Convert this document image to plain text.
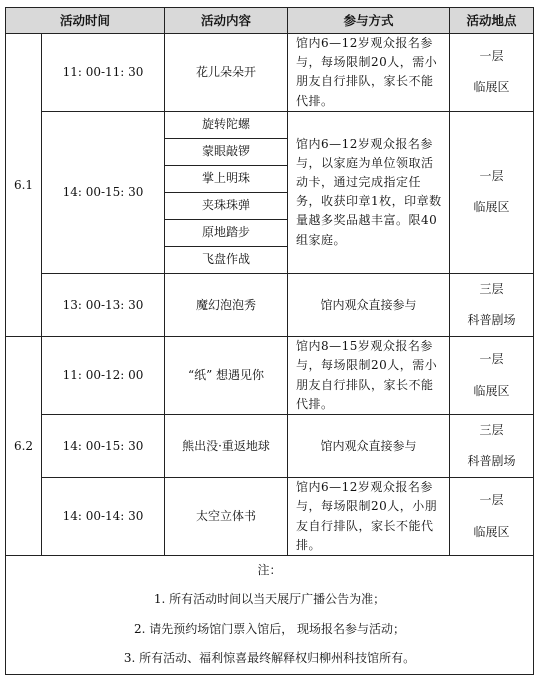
活动时间		活动内容	参与方式	活动地点
6.1	11: 00-11: 30	花儿朵朵开	馆内6—12岁观众报名参与，每场限制20人，需小朋友自行排队，家长不能代排。	一层
临展区

	14: 00-15: 30	旋转陀螺	馆内6—12岁观众报名参与，以家庭为单位领取活动卡，通过完成指定任务，收获印章1枚，印章数量越多奖品越丰富。限40组家庭。	一层
临展区

		蒙眼敲锣		
		掌上明珠		
		夹珠珠弹		
		原地踏步		
		飞盘作战		
	13: 00-13: 30	魔幻泡泡秀	馆内观众直接参与	三层
科普剧场

6.2	11: 00-12: 00	“纸” 想遇见你	馆内8—15岁观众报名参与，每场限制20人，需小朋友自行排队，家长不能代排。	一层
临展区

	14: 00-15: 30	熊出没·重返地球	馆内观众直接参与	三层
科普剧场

	14: 00-14: 30	太空立体书	馆内6—12岁观众报名参与，每场限制20人，小朋友自行排队，家长不能代排。	一层
临展区

注：
1. 所有活动时间以当天展厅广播公告为准；
2. 请先预约场馆门票入馆后， 现场报名参与活动；
3. 所有活动、福利惊喜最终解释权归柳州科技馆所有。				
